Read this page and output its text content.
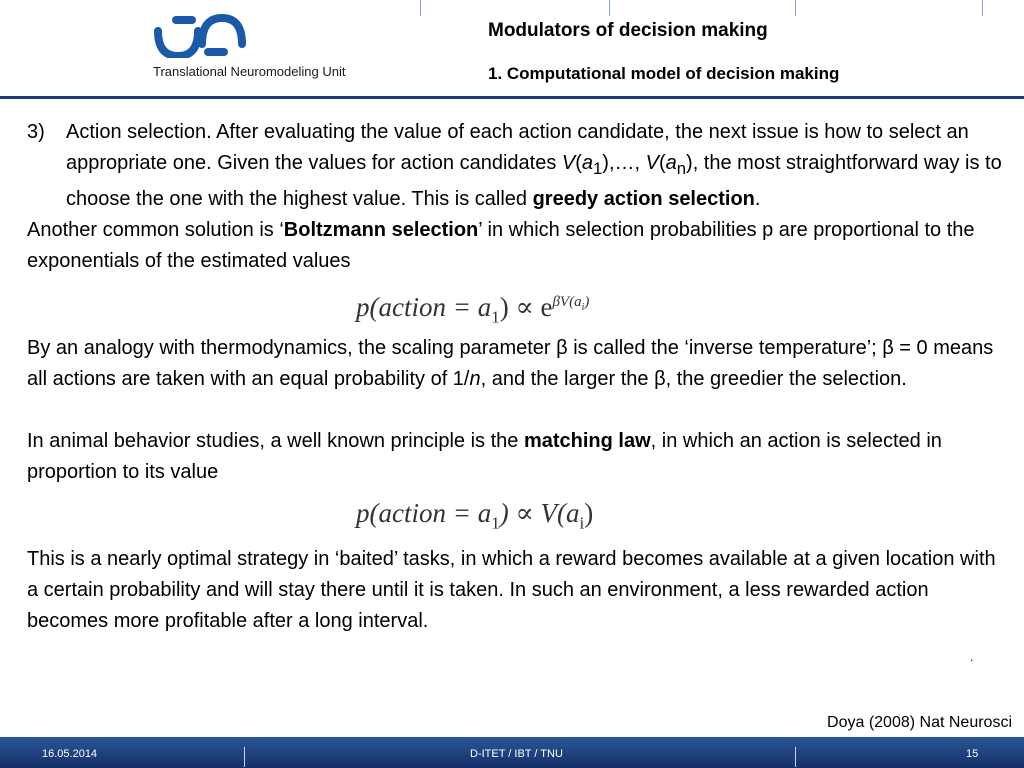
Translational Neuromodeling Unit
Modulators of decision making
1. Computational model of decision making

3) Action selection. After evaluating the value of each action candidate, the next issue is how to select an appropriate one. Given the values for action candidates $V(a_1),\dots$, $V(a_n)$, the most straightforward way is to choose the one with the highest value. This is called greedy action selection.

Another common solution is ‘Boltzmann selection’ in which selection probabilities p are proportional to the exponentials of the estimated values

p(action = $a_1) \propto e^{\beta V(a_i)}$

By an analogy with thermodynamics, the scaling parameter β is called the ‘inverse temperature’; β = 0 means all actions are taken with an equal probability of 1/n, and the larger the β, the greedier the selection.

In animal behavior studies, a well known principle is the matching law, in which an action is selected in proportion to its value

p(action = $a_1) \propto V(a_i)$

This is a nearly optimal strategy in ‘baited’ tasks, in which a reward becomes available at a given location with a certain probability and will stay there until it is taken. In such an environment, a less rewarded action becomes more profitable after a long interval.

.
Doya (2008) Nat Neurosci
16.05.2014	D-ITET / IBT / TNU	15
